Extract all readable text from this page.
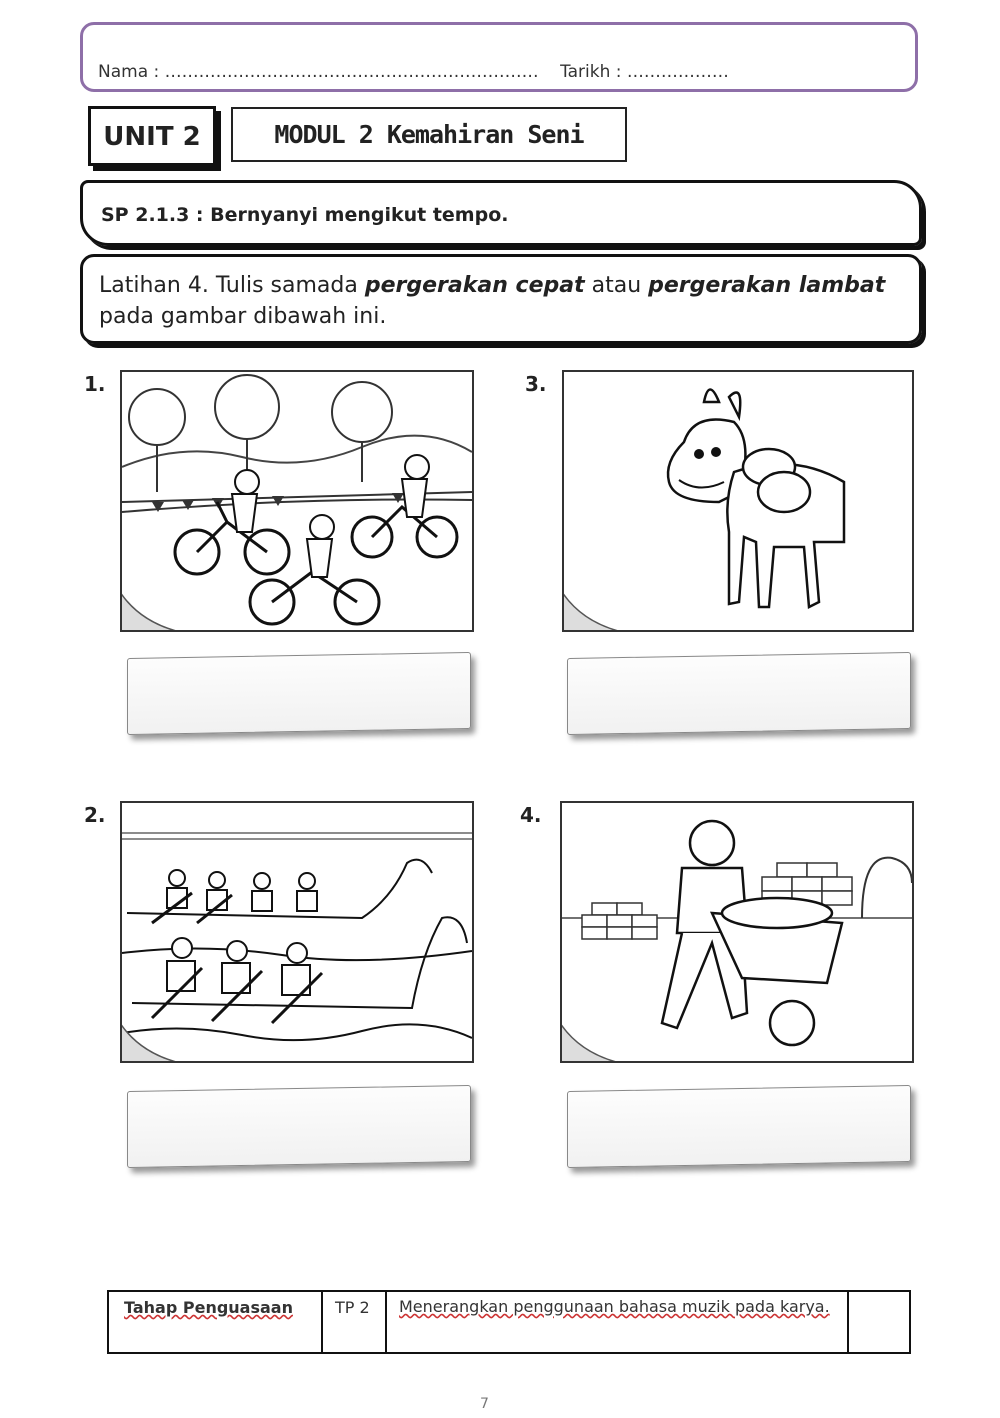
Nama : ………………………………………………………… Tarikh : ………………
UNIT 2	MODUL 2 Kemahiran Seni
SP 2.1.3 : Bernyanyi mengikut tempo.
Latihan 4. Tulis samada pergerakan cepat atau pergerakan lambat pada gambar dibawah ini.
1.
2.
3.
4.
Tahap Penguasaan	TP 2	Menerangkan penggunaan bahasa muzik pada karya.
7
